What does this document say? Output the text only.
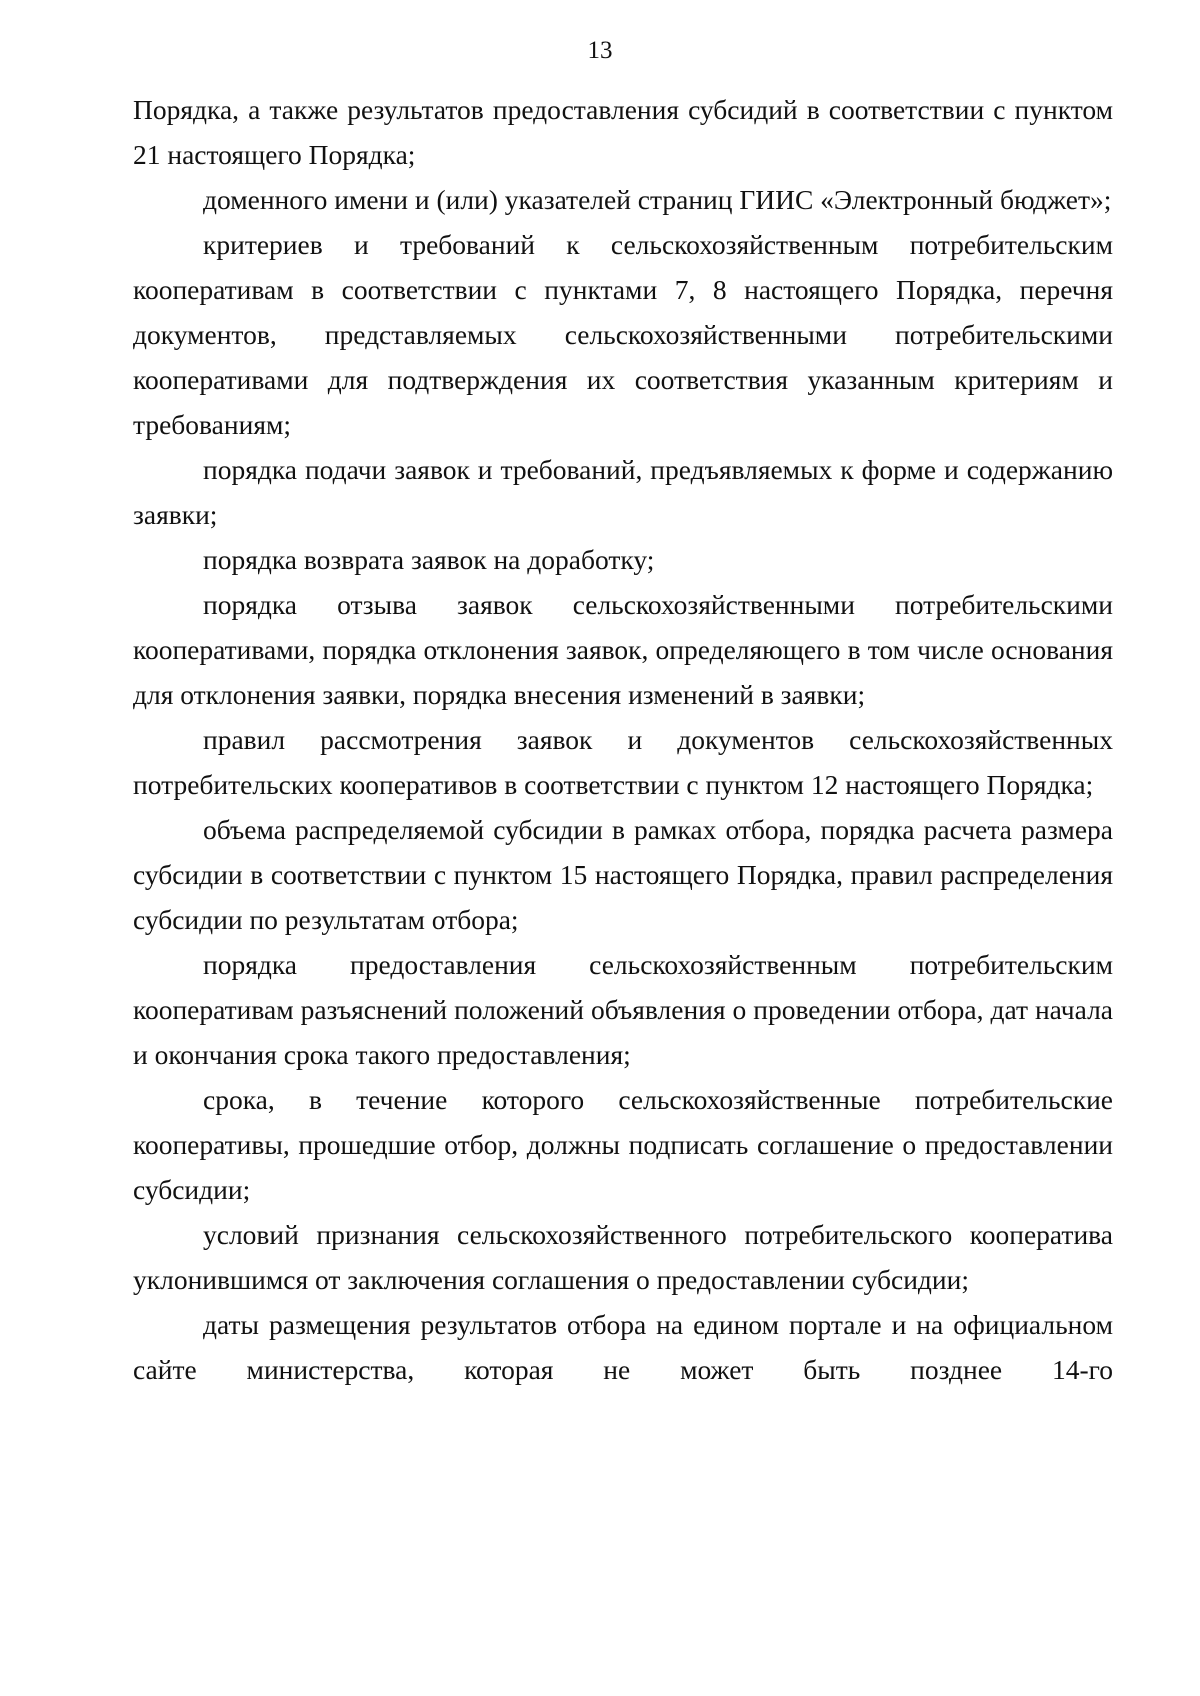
13

Порядка, а также результатов предоставления субсидий в соответствии с пунктом 21 настоящего Порядка;

доменного имени и (или) указателей страниц ГИИС «Электронный бюджет»;

критериев и требований к сельскохозяйственным потребительским кооперативам в соответствии с пунктами 7, 8 настоящего Порядка, перечня документов, представляемых сельскохозяйственными потребительскими кооперативами для подтверждения их соответствия указанным критериям и требованиям;

порядка подачи заявок и требований, предъявляемых к форме и содержанию заявки;

порядка возврата заявок на доработку;

порядка отзыва заявок сельскохозяйственными потребительскими кооперативами, порядка отклонения заявок, определяющего в том числе основания для отклонения заявки, порядка внесения изменений в заявки;

правил рассмотрения заявок и документов сельскохозяйственных потребительских кооперативов в соответствии с пунктом 12 настоящего Порядка;

объема распределяемой субсидии в рамках отбора, порядка расчета размера субсидии в соответствии с пунктом 15 настоящего Порядка, правил распределения субсидии по результатам отбора;

порядка предоставления сельскохозяйственным потребительским кооперативам разъяснений положений объявления о проведении отбора, дат начала и окончания срока такого предоставления;

срока, в течение которого сельскохозяйственные потребительские кооперативы, прошедшие отбор, должны подписать соглашение о предоставлении субсидии;

условий признания сельскохозяйственного потребительского кооператива уклонившимся от заключения соглашения о предоставлении субсидии;

даты размещения результатов отбора на едином портале и на официальном сайте министерства, которая не может быть позднее 14-го
